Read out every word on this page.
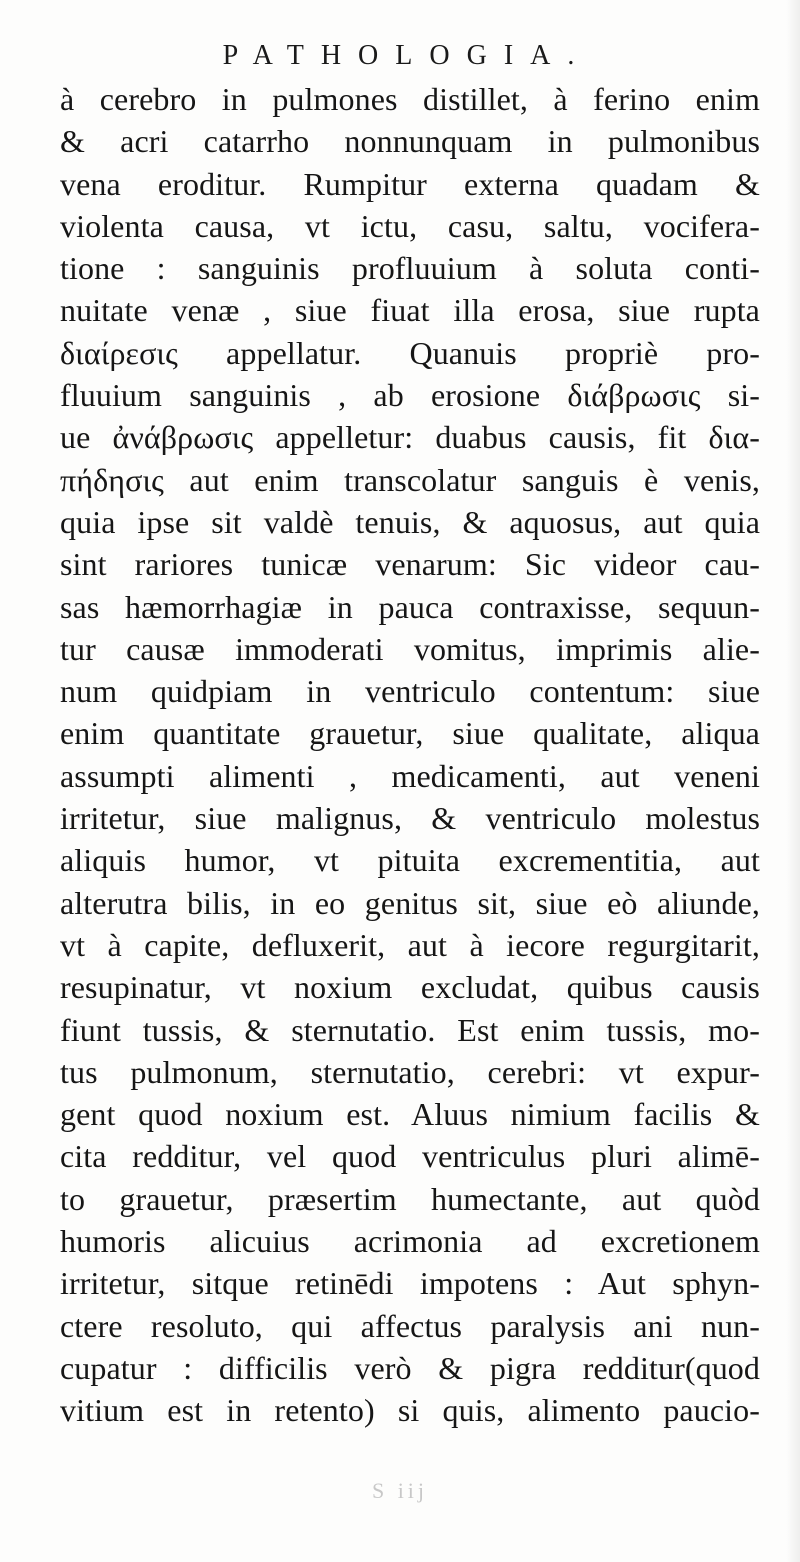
PATHOLOGIA.
à cerebro in pulmones distillet, à ferino enim
& acri catarrho nonnunquam in pulmonibus
vena eroditur. Rumpitur externa quadam &
violenta causa, vt ictu, casu, saltu, vocifera-
tione : sanguinis profluuium à soluta conti-
nuitate venæ , siue fiuat illa erosa, siue rupta
διαίρεσις appellatur. Quanuis propriè pro-
fluuium sanguinis , ab erosione διάβρωσις si-
ue ἀνάβρωσις appelletur: duabus causis, fit δια-
πήδησις aut enim transcolatur sanguis è venis,
quia ipse sit valdè tenuis, & aquosus, aut quia
sint rariores tunicæ venarum: Sic videor cau-
sas hæmorrhagiæ in pauca contraxisse, sequun-
tur causæ immoderati vomitus, imprimis alie-
num quidpiam in ventriculo contentum: siue
enim quantitate grauetur, siue qualitate, aliqua
assumpti alimenti , medicamenti, aut veneni
irritetur, siue malignus, & ventriculo molestus
aliquis humor, vt pituita excrementitia, aut
alterutra bilis, in eo genitus sit, siue eò aliunde,
vt à capite, defluxerit, aut à iecore regurgitarit,
resupinatur, vt noxium excludat, quibus causis
fiunt tussis, & sternutatio. Est enim tussis, mo-
tus pulmonum, sternutatio, cerebri: vt expur-
gent quod noxium est. Aluus nimium facilis &
cita redditur, vel quod ventriculus pluri alimē-
to grauetur, præsertim humectante, aut quòd
humoris alicuius acrimonia ad excretionem
irritetur, sitque retinēdi impotens : Aut sphyn-
ctere resoluto, qui affectus paralysis ani nun-
cupatur : difficilis verò & pigra redditur(quod
vitium est in retento) si quis, alimento paucio-
S iij
